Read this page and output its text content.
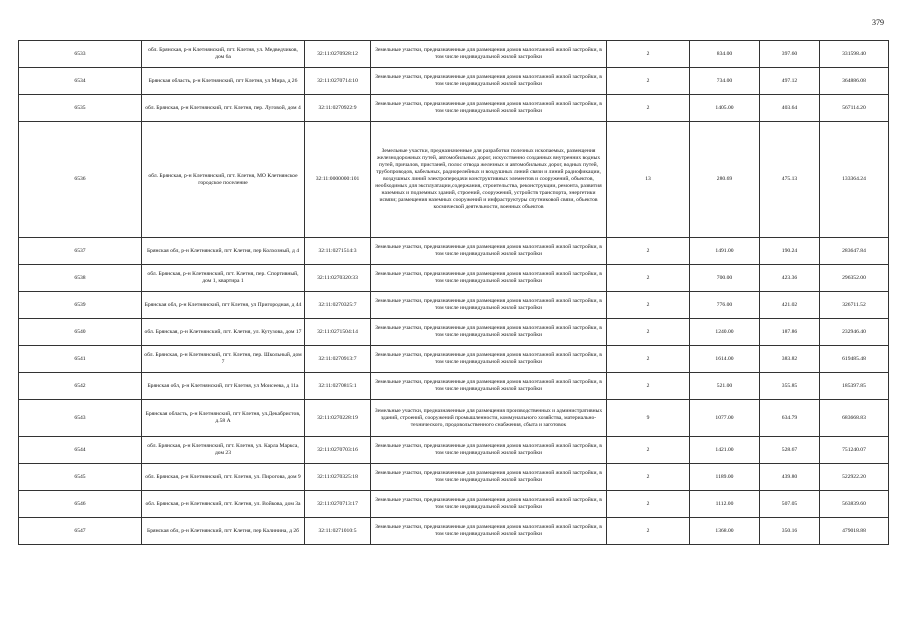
379
6533	обл. Брянская, р-н Клетнянский, пгт. Клетня, ул. Медведчиков, дом 6а	32:11:0270928:12	Земельные участки, предназначенные для размещения домов малоэтажной жилой застройки, в том числе индивидуальной жилой застройки	2	834.00	397.60	331598.40
6534	Брянская область, р-н Клетнянский, пгт Клетня, ул Мира, д 26	32:11:0270714:10	Земельные участки, предназначенные для размещения домов малоэтажной жилой застройки, в том числе индивидуальной жилой застройки	2	734.00	497.12	364886.08
6535	обл. Брянская, р-н Клетнянский, пгт. Клетня, пер. Луговой, дом 4	32:11:0270922:9	Земельные участки, предназначенные для размещения домов малоэтажной жилой застройки, в том числе индивидуальной жилой застройки	2	1405.00	403.64	567114.20
6536	обл. Брянская, р-н Клетнянский, пгт. Клетня, МО Клетнянское городское поселение	32:11:0000000:101	Земельные участки, предназначенные для разработки полезных ископаемых, размещения железнодорожных путей, автомобильных дорог, искусственно созданных внутренних водных путей, причалов, пристаней, полос отвода железных и автомобильных дорог, водных путей, трубопроводов, кабельных, радиорелейных и воздушных линий связи и линий радиофикации, воздушных линий электропередачи конструктивных элементов и сооружений, объектов, необходимых для эксплуатации,содержания, строительства, реконструкции, ремонта, развития наземных и подземных зданий, строений, сооружений, устройств транспорта, энергетики исвязи; размещения наземных сооружений и инфраструктуры спутниковой связи, объектов космической деятельности, военных объектов	13	280.69	475.13	133364.24
6537	Брянская обл, р-н Клетнянский, пгт Клетня, пер Колхозный, д 4	32:11:0271514:3	Земельные участки, предназначенные для размещения домов малоэтажной жилой застройки, в том числе индивидуальной жилой застройки	2	1491.00	190.24	283647.84
6538	обл. Брянская, р-н Клетнянский, пгт. Клетня, пер. Спортивный, дом 1, квартира 1	32:11:0270320:33	Земельные участки, предназначенные для размещения домов малоэтажной жилой застройки, в том числе индивидуальной жилой застройки	2	700.00	423.36	296352.00
6539	Брянская обл, р-н Клетнянский, пгт Клетня, ул Пригородная, д 44	32:11:0270325:7	Земельные участки, предназначенные для размещения домов малоэтажной жилой застройки, в том числе индивидуальной жилой застройки	2	776.00	421.02	326711.52
6540	обл. Брянская, р-н Клетнянский, пгт. Клетня, ул. Кутузова, дом 17	32:11:0271504:14	Земельные участки, предназначенные для размещения домов малоэтажной жилой застройки, в том числе индивидуальной жилой застройки	2	1240.00	187.86	232946.40
6541	обл. Брянская, р-н Клетнянский, пгт. Клетня, пер. Школьный, дом 7	32:11:0270913:7	Земельные участки, предназначенные для размещения домов малоэтажной жилой застройки, в том числе индивидуальной жилой застройки	2	1614.00	383.82	619485.48
6542	Брянская обл, р-н Клетнянский, пгт Клетня, ул Моисеева, д 11а	32:11:0270815:1	Земельные участки, предназначенные для размещения домов малоэтажной жилой застройки, в том числе индивидуальной жилой застройки	2	521.00	355.85	185397.85
6543	Брянская область, р-н Клетнянский, пгт Клетня, ул.Декабристов, д.58 А	32:11:0270228:19	Земельные участки, предназначенные для размещения производственных и административных зданий, строений, сооружений промышленности, коммунального хозяйства, материально-технического, продовольственного снабжения, сбыта и заготовок	9	1077.00	634.79	683668.83
6544	обл. Брянская, р-н Клетнянский, пгт. Клетня, ул. Карла Маркса, дом 23	32:11:0270703:16	Земельные участки, предназначенные для размещения домов малоэтажной жилой застройки, в том числе индивидуальной жилой застройки	2	1421.00	528.67	751240.07
6545	обл. Брянская, р-н Клетнянский, пгт. Клетня, ул. Пирогова, дом 9	32:11:0270325:18	Земельные участки, предназначенные для размещения домов малоэтажной жилой застройки, в том числе индивидуальной жилой застройки	2	1189.00	439.80	522922.20
6546	обл. Брянская, р-н Клетнянский, пгт. Клетня, ул. Войкова, дом 3а	32:11:0270713:17	Земельные участки, предназначенные для размещения домов малоэтажной жилой застройки, в том числе индивидуальной жилой застройки	2	1112.00	507.05	563839.60
6547	Брянская обл, р-н Клетнянский, пгт Клетня, пер Калинина, д 2б	32:11:0271010:5	Земельные участки, предназначенные для размещения домов малоэтажной жилой застройки, в том числе индивидуальной жилой застройки	2	1368.00	350.16	479018.88
